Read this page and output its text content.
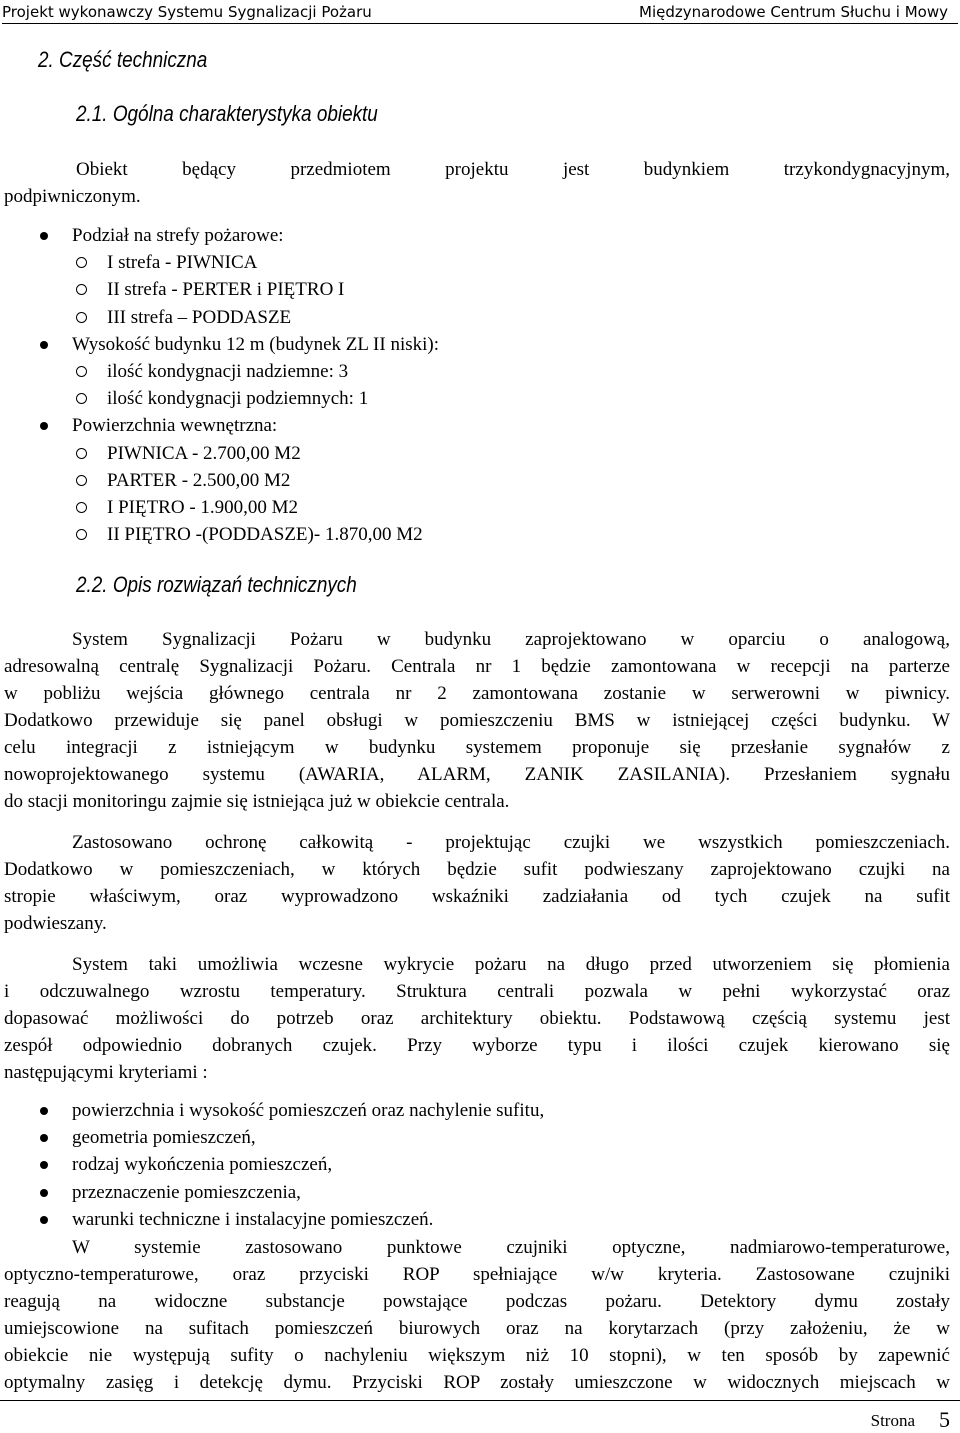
Projekt wykonawczy Systemu Sygnalizacji Pożaru	Międzynarodowe Centrum Słuchu i Mowy
2. Część techniczna
2.1. Ogólna charakterystyka obiektu
Obiekt będący przedmiotem projektu jest budynkiem trzykondygnacyjnym,
podpiwniczonym.
Podział na strefy pożarowe:
I strefa - PIWNICA
II strefa - PERTER i PIĘTRO I
III strefa – PODDASZE
Wysokość budynku 12 m (budynek ZL II niski):
ilość kondygnacji nadziemne: 3
ilość kondygnacji podziemnych: 1
Powierzchnia wewnętrzna:
PIWNICA - 2.700,00 M2
PARTER - 2.500,00 M2
I PIĘTRO - 1.900,00 M2
II PIĘTRO -(PODDASZE)- 1.870,00 M2
2.2. Opis rozwiązań technicznych
System Sygnalizacji Pożaru w budynku zaprojektowano w oparciu o analogową,
adresowalną centralę Sygnalizacji Pożaru. Centrala nr 1 będzie zamontowana w recepcji na parterze
w pobliżu wejścia głównego centrala nr 2 zamontowana zostanie w serwerowni w piwnicy.
Dodatkowo przewiduje się panel obsługi w pomieszczeniu BMS w istniejącej części budynku. W
celu integracji z istniejącym w budynku systemem proponuje się przesłanie sygnałów z
nowoprojektowanego systemu (AWARIA, ALARM, ZANIK ZASILANIA). Przesłaniem sygnału
do stacji monitoringu zajmie się istniejąca już w obiekcie centrala.
Zastosowano ochronę całkowitą - projektując czujki we wszystkich pomieszczeniach.
Dodatkowo w pomieszczeniach, w których będzie sufit podwieszany zaprojektowano czujki na
stropie właściwym, oraz wyprowadzono wskaźniki zadziałania od tych czujek na sufit
podwieszany.
System taki umożliwia wczesne wykrycie pożaru na długo przed utworzeniem się płomienia
i odczuwalnego wzrostu temperatury. Struktura centrali pozwala w pełni wykorzystać oraz
dopasować możliwości do potrzeb oraz architektury obiektu. Podstawową częścią systemu jest
zespół odpowiednio dobranych czujek. Przy wyborze typu i ilości czujek kierowano się
następującymi kryteriami :
powierzchnia i wysokość pomieszczeń oraz nachylenie sufitu,
geometria pomieszczeń,
rodzaj wykończenia pomieszczeń,
przeznaczenie pomieszczenia,
warunki techniczne i instalacyjne pomieszczeń.
W systemie zastosowano punktowe czujniki optyczne, nadmiarowo-temperaturowe,
optyczno-temperaturowe, oraz przyciski ROP spełniające w/w kryteria. Zastosowane czujniki
reagują na widoczne substancje powstające podczas pożaru. Detektory dymu zostały
umiejscowione na sufitach pomieszczeń biurowych oraz na korytarzach (przy założeniu, że w
obiekcie nie występują sufity o nachyleniu większym niż 10 stopni), w ten sposób by zapewnić
optymalny zasięg i detekcję dymu. Przyciski ROP zostały umieszczone w widocznych miejscach w
Strona 5
